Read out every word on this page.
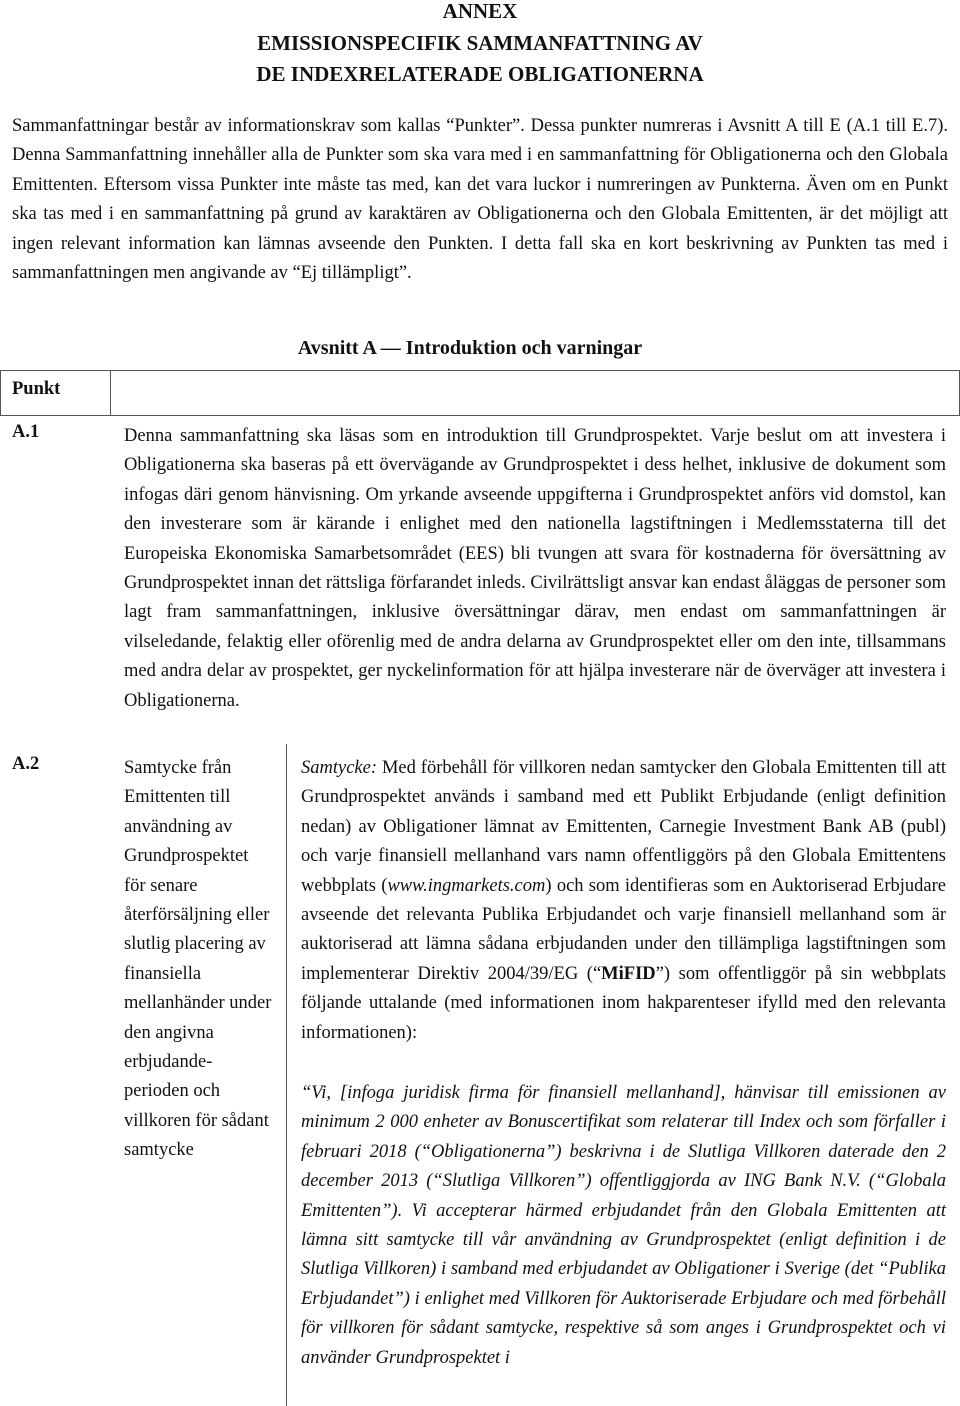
ANNEX
EMISSIONSPECIFIK SAMMANFATTNING AV
DE INDEXRELATERADE OBLIGATIONERNA
Sammanfattningar består av informationskrav som kallas “Punkter”. Dessa punkter numreras i Avsnitt A till E (A.1 till E.7). Denna Sammanfattning innehåller alla de Punkter som ska vara med i en sammanfattning för Obligationerna och den Globala Emittenten. Eftersom vissa Punkter inte måste tas med, kan det vara luckor i numreringen av Punkterna. Även om en Punkt ska tas med i en sammanfattning på grund av karaktären av Obligationerna och den Globala Emittenten, är det möjligt att ingen relevant information kan lämnas avseende den Punkten. I detta fall ska en kort beskrivning av Punkten tas med i sammanfattningen men angivande av “Ej tillämpligt”.
Avsnitt A — Introduktion och varningar
Punkt
A.1	Denna sammanfattning ska läsas som en introduktion till Grundprospektet. Varje beslut om att investera i Obligationerna ska baseras på ett övervägande av Grundprospektet i dess helhet, inklusive de dokument som infogas däri genom hänvisning. Om yrkande avseende uppgifterna i Grundprospektet anförs vid domstol, kan den investerare som är kärande i enlighet med den nationella lagstiftningen i Medlemsstaterna till det Europeiska Ekonomiska Samarbetsområdet (EES) bli tvungen att svara för kostnaderna för översättning av Grundprospektet innan det rättsliga förfarandet inleds. Civilrättsligt ansvar kan endast åläggas de personer som lagt fram sammanfattningen, inklusive översättningar därav, men endast om sammanfattningen är vilseledande, felaktig eller oförenlig med de andra delarna av Grundprospektet eller om den inte, tillsammans med andra delar av prospektet, ger nyckelinformation för att hjälpa investerare när de överväger att investera i Obligationerna.
A.2	Samtycke från Emittenten till användning av Grundprospektet för senare återförsäljning eller slutlig placering av finansiella mellanhänder under den angivna erbjudande-perioden och villkoren för sådant samtycke
Samtycke: Med förbehåll för villkoren nedan samtycker den Globala Emittenten till att Grundprospektet används i samband med ett Publikt Erbjudande (enligt definition nedan) av Obligationer lämnat av Emittenten, Carnegie Investment Bank AB (publ) och varje finansiell mellanhand vars namn offentliggörs på den Globala Emittentens webbplats (www.ingmarkets.com) och som identifieras som en Auktoriserad Erbjudare avseende det relevanta Publika Erbjudandet och varje finansiell mellanhand som är auktoriserad att lämna sådana erbjudanden under den tillämpliga lagstiftningen som implementerar Direktiv 2004/39/EG (“MiFID”) som offentliggör på sin webbplats följande uttalande (med informationen inom hakparenteser ifylld med den relevanta informationen):
“Vi, [infoga juridisk firma för finansiell mellanhand], hänvisar till emissionen av minimum 2 000 enheter av Bonuscertifikat som relaterar till Index och som förfaller i februari 2018 (“Obligationerna”) beskrivna i de Slutliga Villkoren daterade den 2 december 2013 (“Slutliga Villkoren”) offentliggjorda av ING Bank N.V. (“Globala Emittenten”). Vi accepterar härmed erbjudandet från den Globala Emittenten att lämna sitt samtycke till vår användning av Grundprospektet (enligt definition i de Slutliga Villkoren) i samband med erbjudandet av Obligationer i Sverige (det “Publika Erbjudandet”) i enlighet med Villkoren för Auktoriserade Erbjudare och med förbehåll för villkoren för sådant samtycke, respektive så som anges i Grundprospektet och vi använder Grundprospektet i
